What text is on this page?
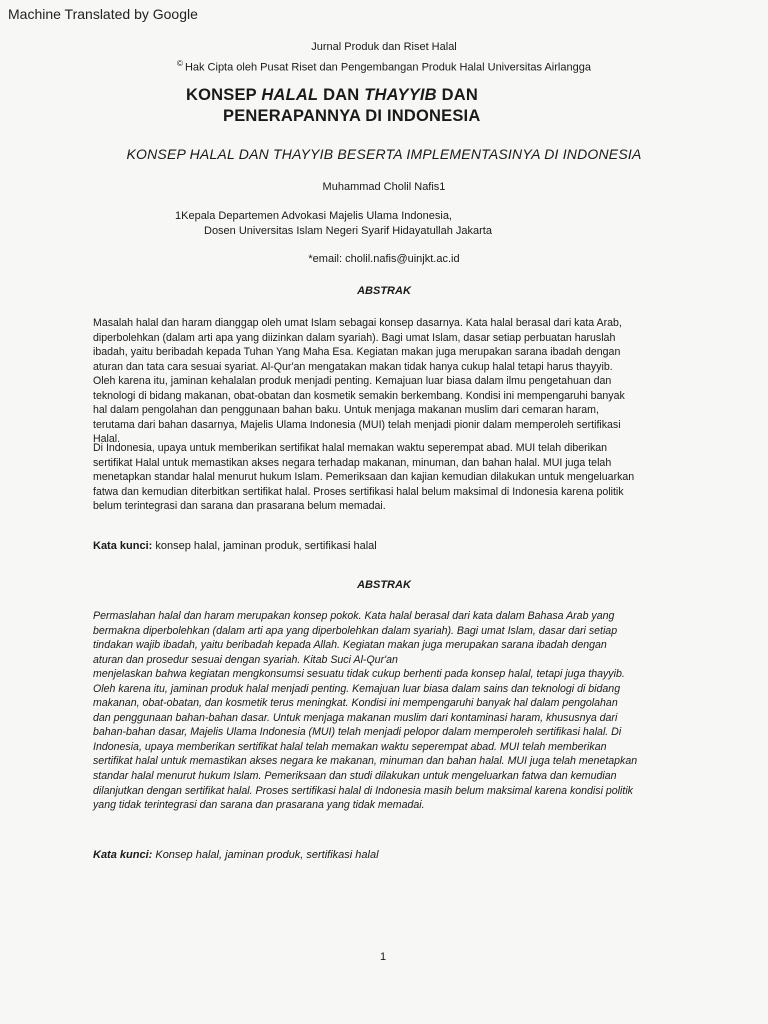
Machine Translated by Google
Jurnal Produk dan Riset Halal
© Hak Cipta oleh Pusat Riset dan Pengembangan Produk Halal Universitas Airlangga
KONSEP HALAL DAN THAYYIB DAN
PENERAPANNYA DI INDONESIA
KONSEP HALAL DAN THAYYIB BESERTA IMPLEMENTASINYA DI INDONESIA
Muhammad Cholil Nafis1
1Kepala Departemen Advokasi Majelis Ulama Indonesia,
Dosen Universitas Islam Negeri Syarif Hidayatullah Jakarta
*email: cholil.nafis@uinjkt.ac.id
ABSTRAK
Masalah halal dan haram dianggap oleh umat Islam sebagai konsep dasarnya. Kata halal berasal dari kata Arab,
diperbolehkan (dalam arti apa yang diizinkan dalam syariah). Bagi umat Islam, dasar setiap perbuatan haruslah
ibadah, yaitu beribadah kepada Tuhan Yang Maha Esa. Kegiatan makan juga merupakan sarana ibadah dengan
aturan dan tata cara sesuai syariat. Al-Qur'an mengatakan makan tidak hanya cukup halal tetapi harus thayyib.
Oleh karena itu, jaminan kehalalan produk menjadi penting. Kemajuan luar biasa dalam ilmu pengetahuan dan
teknologi di bidang makanan, obat-obatan dan kosmetik semakin berkembang. Kondisi ini mempengaruhi banyak
hal dalam pengolahan dan penggunaan bahan baku. Untuk menjaga makanan muslim dari cemaran haram,
terutama dari bahan dasarnya, Majelis Ulama Indonesia (MUI) telah menjadi pionir dalam memperoleh sertifikasi
Halal.
Di Indonesia, upaya untuk memberikan sertifikat halal memakan waktu seperempat abad. MUI telah diberikan
sertifikat Halal untuk memastikan akses negara terhadap makanan, minuman, dan bahan halal. MUI juga telah
menetapkan standar halal menurut hukum Islam. Pemeriksaan dan kajian kemudian dilakukan untuk mengeluarkan
fatwa dan kemudian diterbitkan sertifikat halal. Proses sertifikasi halal belum maksimal di Indonesia karena politik
belum terintegrasi dan sarana dan prasarana belum memadai.
Kata kunci: konsep halal, jaminan produk, sertifikasi halal
ABSTRAK
Permaslahan halal dan haram merupakan konsep pokok. Kata halal berasal dari kata dalam Bahasa Arab yang
bermakna diperbolehkan (dalam arti apa yang diperbolehkan dalam syariah). Bagi umat Islam, dasar dari setiap
tindakan wajib ibadah, yaitu beribadah kepada Allah. Kegiatan makan juga merupakan sarana ibadah dengan
aturan dan prosedur sesuai dengan syariah. Kitab Suci Al-Qur'an
menjelaskan bahwa kegiatan mengkonsumsi sesuatu tidak cukup berhenti pada konsep halal, tetapi juga thayyib.
Oleh karena itu, jaminan produk halal menjadi penting. Kemajuan luar biasa dalam sains dan teknologi di bidang
makanan, obat-obatan, dan kosmetik terus meningkat. Kondisi ini mempengaruhi banyak hal dalam pengolahan
dan penggunaan bahan-bahan dasar. Untuk menjaga makanan muslim dari kontaminasi haram, khususnya dari
bahan-bahan dasar, Majelis Ulama Indonesia (MUI) telah menjadi pelopor dalam memperoleh sertifikasi halal. Di
Indonesia, upaya memberikan sertifikat halal telah memakan waktu seperempat abad. MUI telah memberikan
sertifikat halal untuk memastikan akses negara ke makanan, minuman dan bahan halal. MUI juga telah menetapkan
standar halal menurut hukum Islam. Pemeriksaan dan studi dilakukan untuk mengeluarkan fatwa dan kemudian
dilanjutkan dengan sertifikat halal. Proses sertifikasi halal di Indonesia masih belum maksimal karena kondisi politik
yang tidak terintegrasi dan sarana dan prasarana yang tidak memadai.
Kata kunci: Konsep halal, jaminan produk, sertifikasi halal
1
